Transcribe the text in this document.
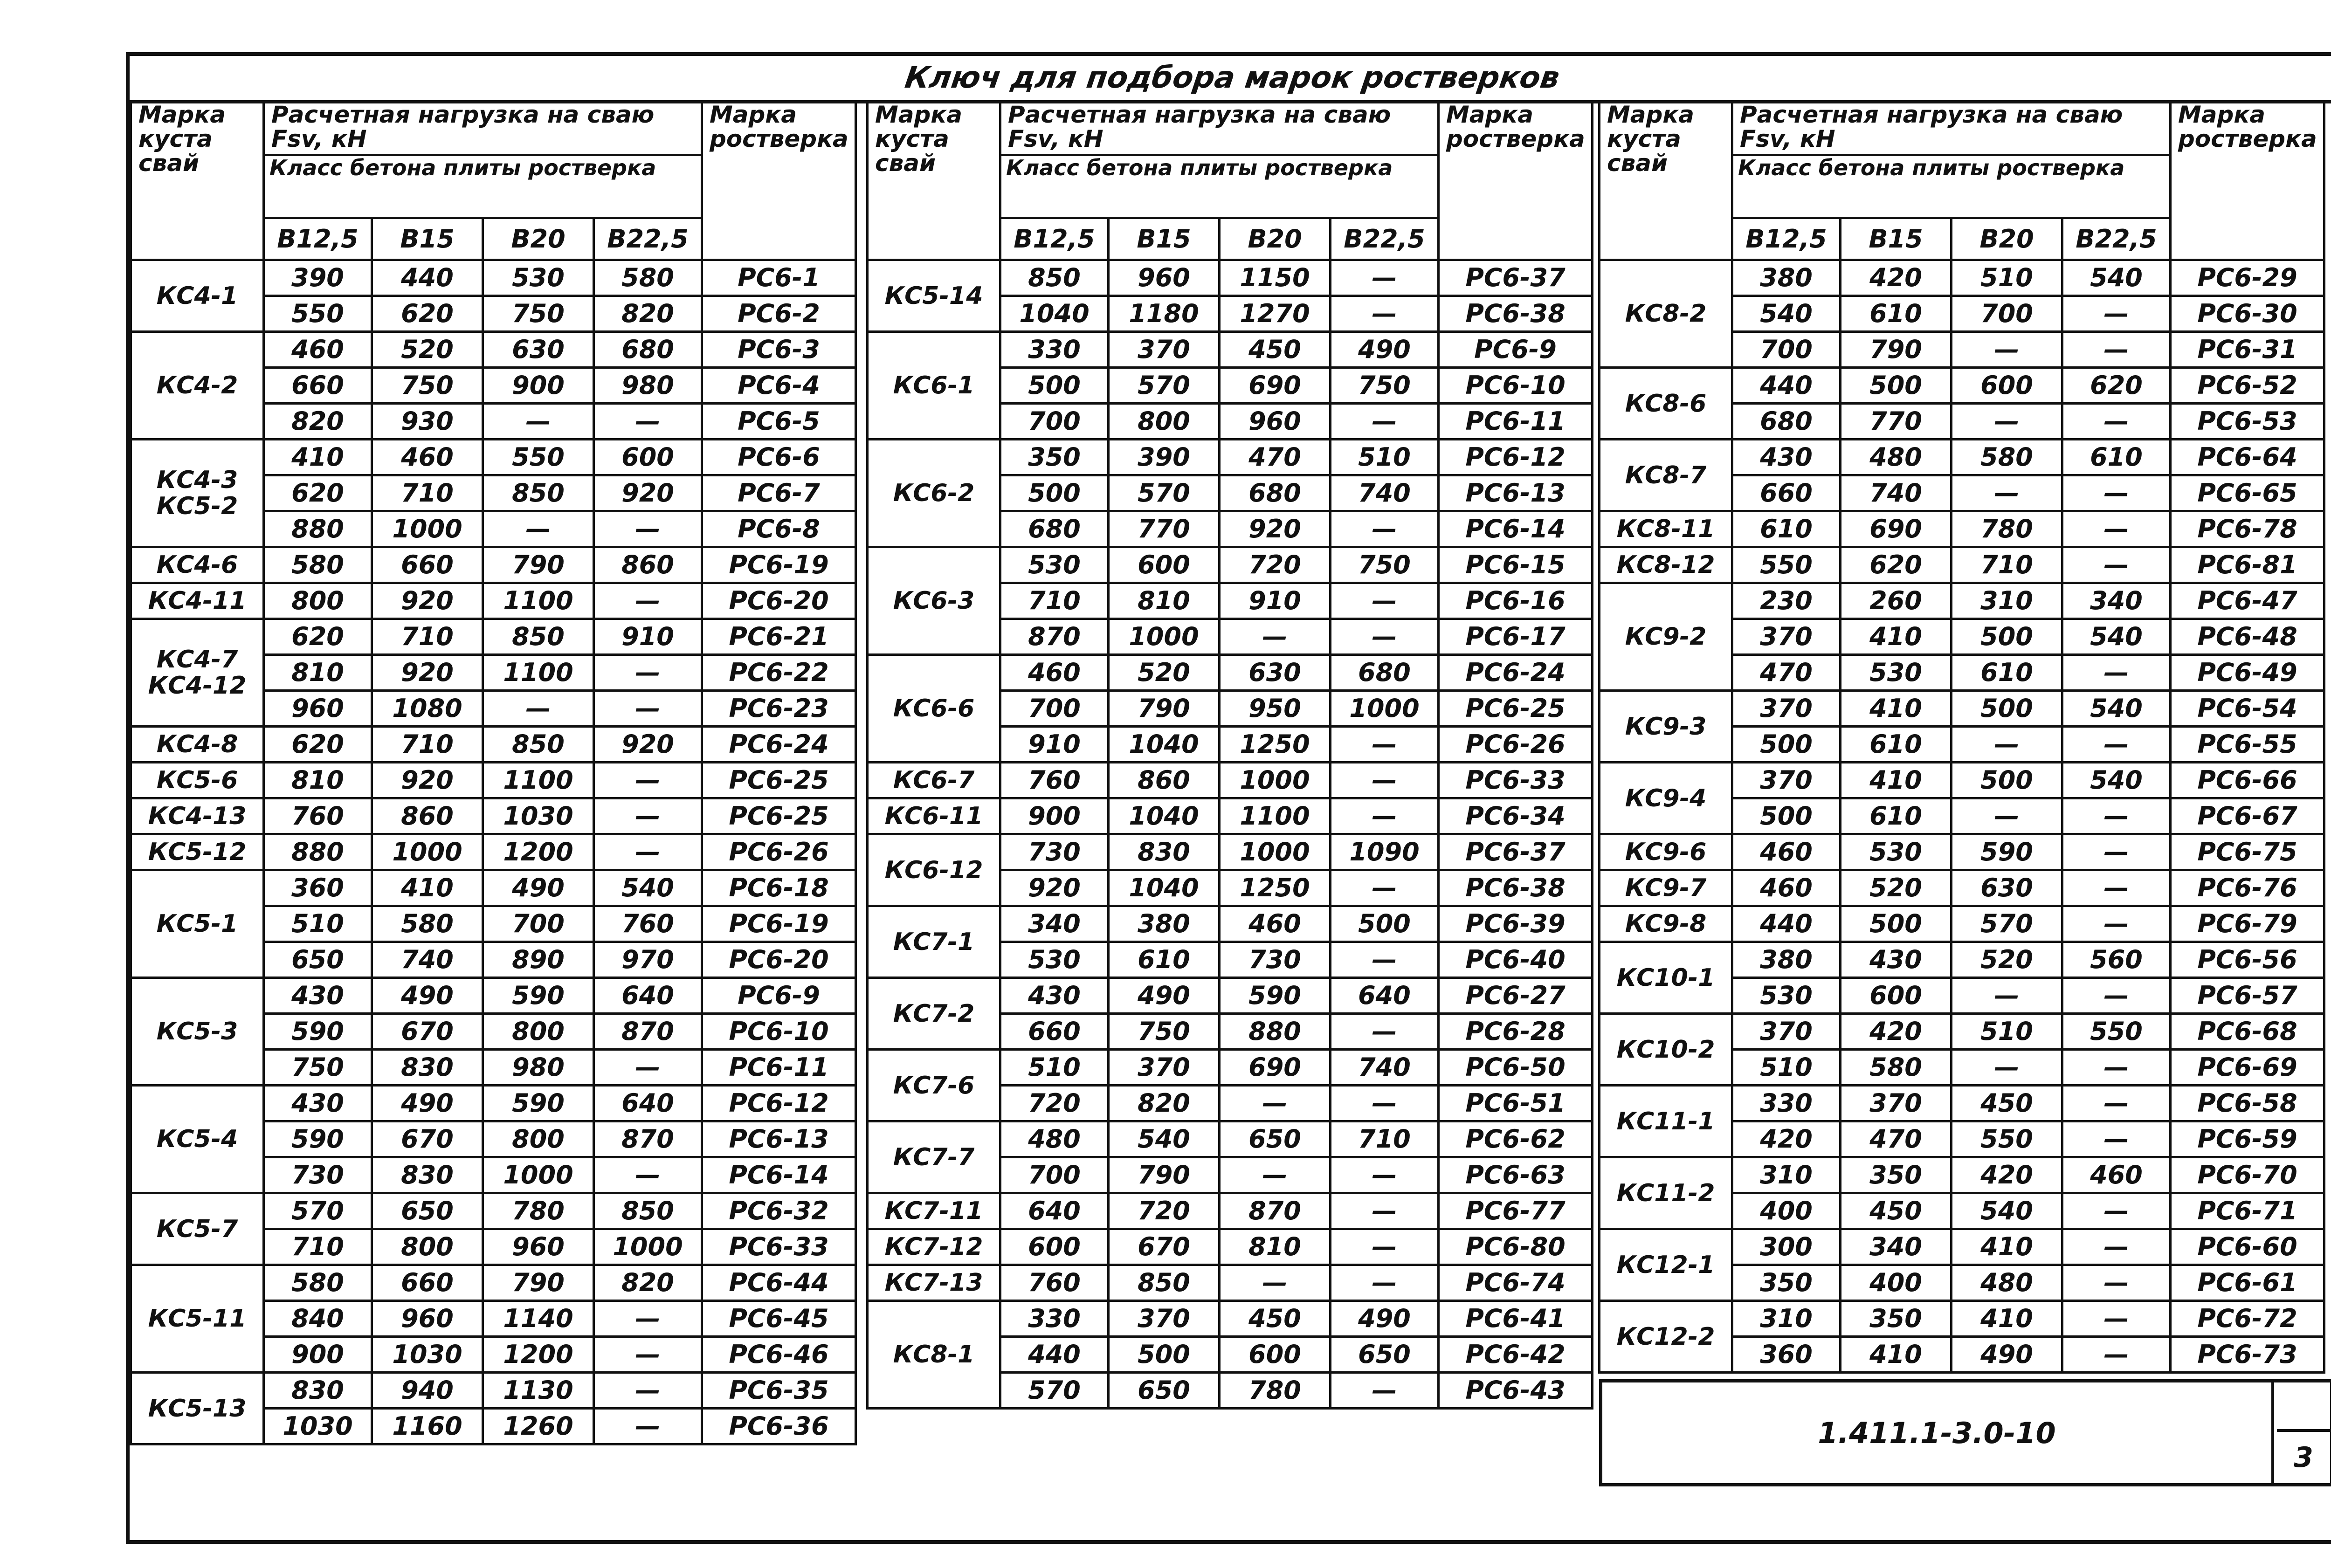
Ключ для подбора марок ростверков
Марка куста свай	Расчетная нагрузка на сваю Fsv, кН				Марка ростверка
	Класс бетона плиты ростверка				
	B12,5	B15	B20	B22,5	
КС4-1	390	440	530	580	РС6-1
	550	620	750	820	РС6-2
КС4-2	460	520	630	680	РС6-3
	660	750	900	980	РС6-4
	820	930	—	—	РС6-5
КС4-3 КС5-2	410	460	550	600	РС6-6
	620	710	850	920	РС6-7
	880	1000	—	—	РС6-8
КС4-6	580	660	790	860	РС6-19
КС4-11	800	920	1100	—	РС6-20
КС4-7 КС4-12	620	710	850	910	РС6-21
	810	920	1100	—	РС6-22
	960	1080	—	—	РС6-23
КС4-8	620	710	850	920	РС6-24
КС5-6	810	920	1100	—	РС6-25
КС4-13	760	860	1030	—	РС6-25
КС5-12	880	1000	1200	—	РС6-26
КС5-1	360	410	490	540	РС6-18
	510	580	700	760	РС6-19
	650	740	890	970	РС6-20
КС5-3	430	490	590	640	РС6-9
	590	670	800	870	РС6-10
	750	830	980	—	РС6-11
КС5-4	430	490	590	640	РС6-12
	590	670	800	870	РС6-13
	730	830	1000	—	РС6-14
КС5-7	570	650	780	850	РС6-32
	710	800	960	1000	РС6-33
КС5-11	580	660	790	820	РС6-44
	840	960	1140	—	РС6-45
	900	1030	1200	—	РС6-46
КС5-13	830	940	1130	—	РС6-35
	1030	1160	1260	—	РС6-36
Марка куста свай	Расчетная нагрузка на сваю Fsv, кН				Марка ростверка
	Класс бетона плиты ростверка				
	B12,5	B15	B20	B22,5	
КС5-14	850	960	1150	—	РС6-37
	1040	1180	1270	—	РС6-38
КС6-1	330	370	450	490	РС6-9
	500	570	690	750	РС6-10
	700	800	960	—	РС6-11
КС6-2	350	390	470	510	РС6-12
	500	570	680	740	РС6-13
	680	770	920	—	РС6-14
КС6-3	530	600	720	750	РС6-15
	710	810	910	—	РС6-16
	870	1000	—	—	РС6-17
КС6-6	460	520	630	680	РС6-24
	700	790	950	1000	РС6-25
	910	1040	1250	—	РС6-26
КС6-7	760	860	1000	—	РС6-33
КС6-11	900	1040	1100	—	РС6-34
КС6-12	730	830	1000	1090	РС6-37
	920	1040	1250	—	РС6-38
КС7-1	340	380	460	500	РС6-39
	530	610	730	—	РС6-40
КС7-2	430	490	590	640	РС6-27
	660	750	880	—	РС6-28
КС7-6	510	370	690	740	РС6-50
	720	820	—	—	РС6-51
КС7-7	480	540	650	710	РС6-62
	700	790	—	—	РС6-63
КС7-11	640	720	870	—	РС6-77
КС7-12	600	670	810	—	РС6-80
КС7-13	760	850	—	—	РС6-74
КС8-1	330	370	450	490	РС6-41
	440	500	600	650	РС6-42
	570	650	780	—	РС6-43
Марка куста свай	Расчетная нагрузка на сваю Fsv, кН				Марка ростверка
	Класс бетона плиты ростверка				
	B12,5	B15	B20	B22,5	
КС8-2	380	420	510	540	РС6-29
	540	610	700	—	РС6-30
	700	790	—	—	РС6-31
КС8-6	440	500	600	620	РС6-52
	680	770	—	—	РС6-53
КС8-7	430	480	580	610	РС6-64
	660	740	—	—	РС6-65
КС8-11	610	690	780	—	РС6-78
КС8-12	550	620	710	—	РС6-81
КС9-2	230	260	310	340	РС6-47
	370	410	500	540	РС6-48
	470	530	610	—	РС6-49
КС9-3	370	410	500	540	РС6-54
	500	610	—	—	РС6-55
КС9-4	370	410	500	540	РС6-66
	500	610	—	—	РС6-67
КС9-6	460	530	590	—	РС6-75
КС9-7	460	520	630	—	РС6-76
КС9-8	440	500	570	—	РС6-79
КС10-1	380	430	520	560	РС6-56
	530	600	—	—	РС6-57
КС10-2	370	420	510	550	РС6-68
	510	580	—	—	РС6-69
КС11-1	330	370	450	—	РС6-58
	420	470	550	—	РС6-59
КС11-2	310	350	420	460	РС6-70
	400	450	540	—	РС6-71
КС12-1	300	340	410	—	РС6-60
	350	400	480	—	РС6-61
КС12-2	310	350	410	—	РС6-72
	360	410	490	—	РС6-73
1.411.1-3.0-10
3
